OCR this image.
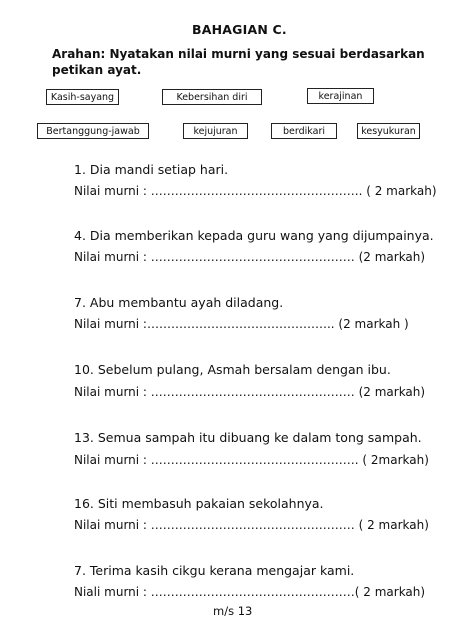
BAHAGIAN C.
Arahan: Nyatakan nilai murni yang sesuai berdasarkan petikan ayat.
Kasih-sayang	Kebersihan diri	kerajinan
Bertanggung-jawab	kejujuran	berdikari	kesyukuran
1. Dia mandi setiap hari.
Nilai murni : …………………………………………….. ( 2 markah)
4. Dia memberikan kepada guru wang yang dijumpainya.
Nilai murni : …………………………………………… (2 markah)
7. Abu membantu ayah diladang.
Nilai murni :……………………………………….. (2 markah )
10. Sebelum pulang, Asmah bersalam dengan ibu.
Nilai murni : …………………………………………… (2 markah)
13. Semua sampah itu dibuang ke dalam tong sampah.
Nilai murni : ……………………………………………. ( 2markah)
16. Siti membasuh pakaian sekolahnya.
Nilai murni : …………………………………………… ( 2 markah)
7. Terima kasih cikgu kerana mengajar kami.
Niali murni : ……………………………………………( 2 markah)
m/s 13
